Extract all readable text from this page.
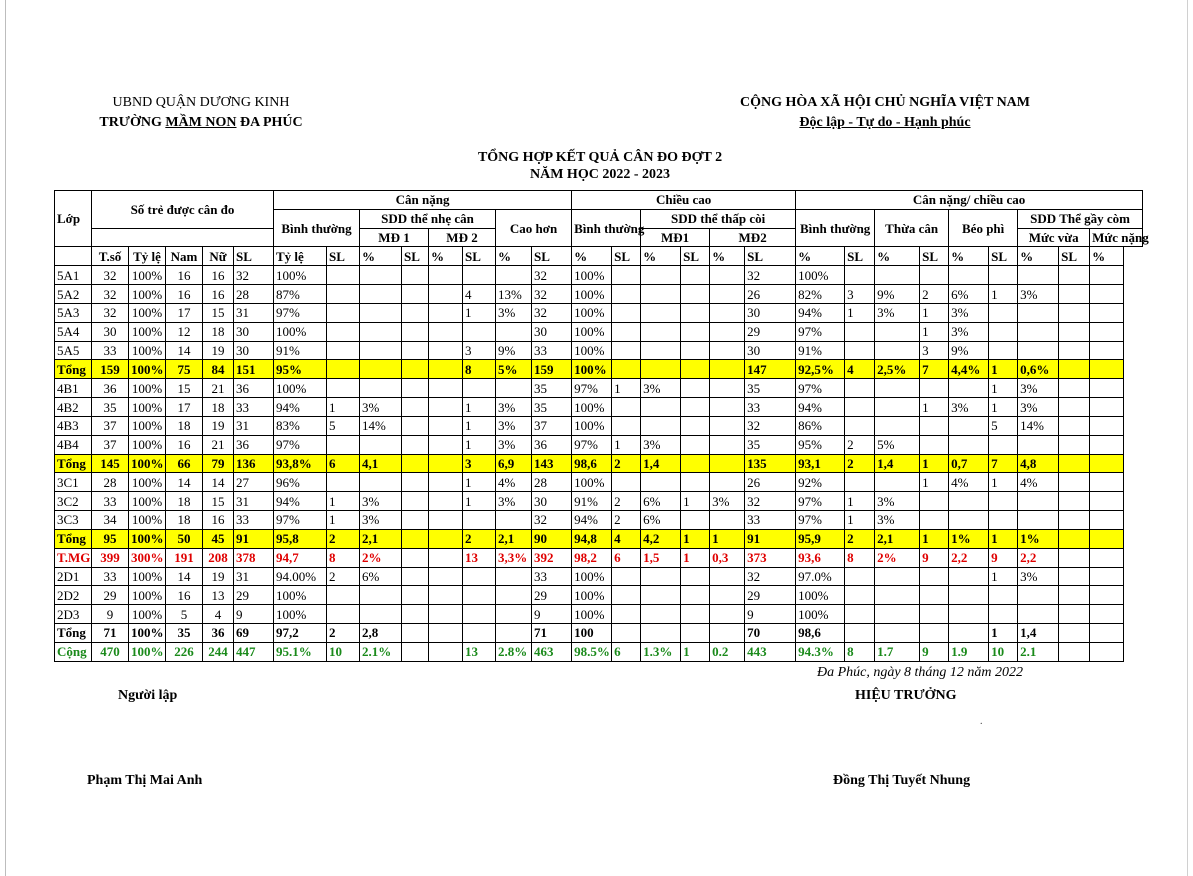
UBND QUẬN DƯƠNG KINH
TRƯỜNG MẦM NON ĐA PHÚC
CỘNG HÒA XÃ HỘI CHỦ NGHĨA VIỆT NAM
Độc lập - Tự do - Hạnh phúc
TỔNG HỢP KẾT QUẢ CÂN ĐO ĐỢT 2
NĂM HỌC 2022 - 2023
Lớp	Số trẻ được cân đo					Cân nặng								Chiều cao						Cân nặng/ chiều cao								
						Bình thường		SDD thể nhẹ cân				Cao hơn		Bình thường		SDD thể thấp còi				Bình thường		Thừa cân		Béo phì		SDD Thể gầy còm		
								MĐ 1		MĐ 2						MĐ1		MĐ2								Mức vừa		Mức nặng
	T.số	Tỷ lệ	Nam	Nữ	SL	Tỷ lệ	SL	%	SL	%	SL	%	SL	%	SL	%	SL	%	SL	%	SL	%	SL	%	SL	%	SL	%
5A1	32	100%	16	16	32	100%							32	100%					32	100%								
5A2	32	100%	16	16	28	87%					4	13%	32	100%					26	82%	3	9%	2	6%	1	3%		
5A3	32	100%	17	15	31	97%					1	3%	32	100%					30	94%	1	3%	1	3%				
5A4	30	100%	12	18	30	100%							30	100%					29	97%			1	3%				
5A5	33	100%	14	19	30	91%					3	9%	33	100%					30	91%			3	9%				
Tổng	159	100%	75	84	151	95%					8	5%	159	100%					147	92,5%	4	2,5%	7	4,4%	1	0,6%		
4B1	36	100%	15	21	36	100%							35	97%	1	3%			35	97%					1	3%		
4B2	35	100%	17	18	33	94%	1	3%			1	3%	35	100%					33	94%			1	3%	1	3%		
4B3	37	100%	18	19	31	83%	5	14%			1	3%	37	100%					32	86%					5	14%		
4B4	37	100%	16	21	36	97%					1	3%	36	97%	1	3%			35	95%	2	5%						
Tổng	145	100%	66	79	136	93,8%	6	4,1			3	6,9	143	98,6	2	1,4			135	93,1	2	1,4	1	0,7	7	4,8		
3C1	28	100%	14	14	27	96%					1	4%	28	100%					26	92%			1	4%	1	4%		
3C2	33	100%	18	15	31	94%	1	3%			1	3%	30	91%	2	6%	1	3%	32	97%	1	3%						
3C3	34	100%	18	16	33	97%	1	3%					32	94%	2	6%			33	97%	1	3%						
Tổng	95	100%	50	45	91	95,8	2	2,1			2	2,1	90	94,8	4	4,2	1	1	91	95,9	2	2,1	1	1%	1	1%		
T.MG	399	300%	191	208	378	94,7	8	2%			13	3,3%	392	98,2	6	1,5	1	0,3	373	93,6	8	2%	9	2,2	9	2,2		
2D1	33	100%	14	19	31	94.00%	2	6%					33	100%					32	97.0%					1	3%		
2D2	29	100%	16	13	29	100%							29	100%					29	100%								
2D3	9	100%	5	4	9	100%							9	100%					9	100%								
Tổng	71	100%	35	36	69	97,2	2	2,8					71	100					70	98,6					1	1,4		
Cộng	470	100%	226	244	447	95.1%	10	2.1%			13	2.8%	463	98.5%	6	1.3%	1	0.2	443	94.3%	8	1.7	9	1.9	10	2.1		
Đa Phúc, ngày 8 tháng 12 năm 2022
Người lập	HIỆU TRƯỞNG
.
Phạm Thị Mai Anh	Đồng Thị Tuyết Nhung
